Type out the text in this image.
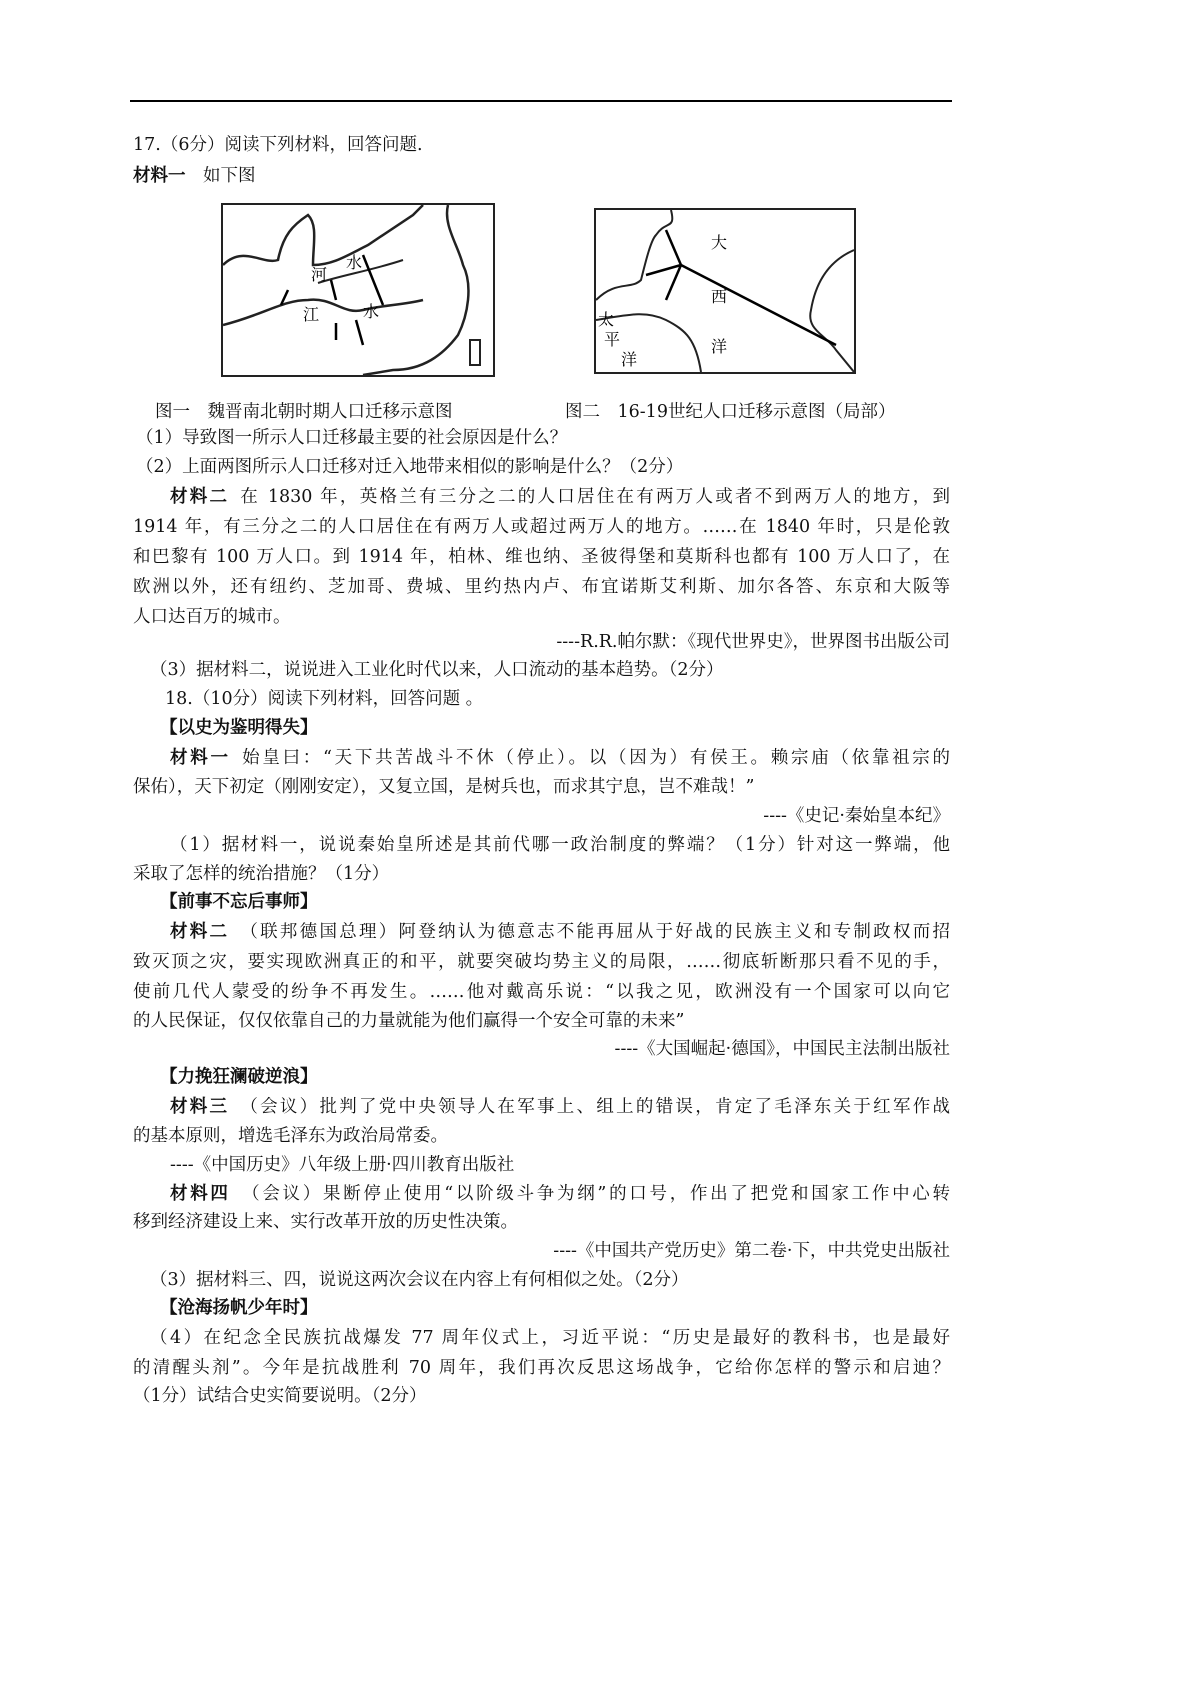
17.（6分）阅读下列材料，回答问题.
材料一  如下图
河
水
江	水
大
西
洋
太
平
洋
图一　魏晋南北朝时期人口迁移示意图	图二　16-19世纪人口迁移示意图（局部）
（1）导致图一所示人口迁移最主要的社会原因是什么？
（2）上面两图所示人口迁移对迁入地带来相似的影响是什么？（2分）
材料二  在 1830 年，英格兰有三分之二的人口居住在有两万人或者不到两万人的地方，到
1914 年，有三分之二的人口居住在有两万人或超过两万人的地方。……在 1840 年时，只是伦敦
和巴黎有 100 万人口。到 1914 年，柏林、维也纳、圣彼得堡和莫斯科也都有 100 万人口了，在
欧洲以外，还有纽约、芝加哥、费城、里约热内卢、布宜诺斯艾利斯、加尔各答、东京和大阪等
人口达百万的城市。
----R.R.帕尔默：《现代世界史》，世界图书出版公司
（3）据材料二，说说进入工业化时代以来，人口流动的基本趋势。（2分）
18.（10分）阅读下列材料，回答问题 。
【以史为鉴明得失】
材料一  始皇曰：“天下共苦战斗不休（停止）。以（因为）有侯王。赖宗庙（依靠祖宗的
保佑），天下初定（刚刚安定），又复立国，是树兵也，而求其宁息，岂不难哉！”
----《史记·秦始皇本纪》
（1）据材料一，说说秦始皇所述是其前代哪一政治制度的弊端？（1分）针对这一弊端，他
采取了怎样的统治措施？（1分）
【前事不忘后事师】
材料二  （联邦德国总理）阿登纳认为德意志不能再屈从于好战的民族主义和专制政权而招
致灭顶之灾，要实现欧洲真正的和平，就要突破均势主义的局限，……彻底斩断那只看不见的手，
使前几代人蒙受的纷争不再发生。……他对戴高乐说：“以我之见，欧洲没有一个国家可以向它
的人民保证，仅仅依靠自己的力量就能为他们赢得一个安全可靠的未来”
----《大国崛起·德国》，中国民主法制出版社
【力挽狂澜破逆浪】
材料三  （会议）批判了党中央领导人在军事上、组上的错误，肯定了毛泽东关于红军作战
的基本原则，增选毛泽东为政治局常委。
----《中国历史》八年级上册·四川教育出版社
材料四  （会议）果断停止使用“以阶级斗争为纲”的口号，作出了把党和国家工作中心转
移到经济建设上来、实行改革开放的历史性决策。
----《中国共产党历史》第二卷·下，中共党史出版社
（3）据材料三、四，说说这两次会议在内容上有何相似之处。（2分）
【沧海扬帆少年时】
（4）在纪念全民族抗战爆发 77 周年仪式上，习近平说：“历史是最好的教科书，也是最好
的清醒头剂”。今年是抗战胜利 70 周年，我们再次反思这场战争，它给你怎样的警示和启迪？
（1分）试结合史实简要说明。（2分）
